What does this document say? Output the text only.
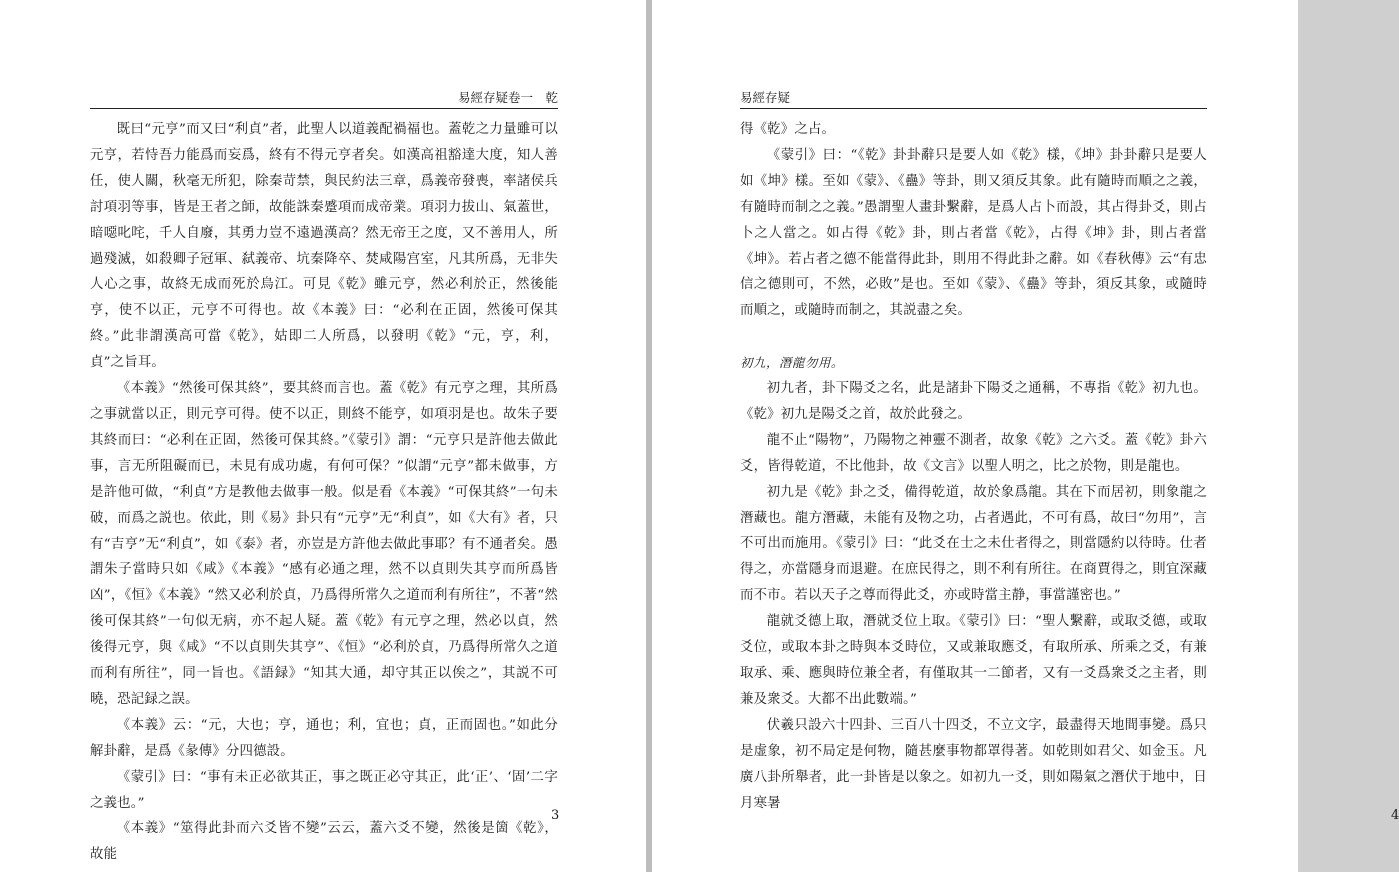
易經存疑卷一　乾

既曰“元亨”而又曰“利貞”者，此聖人以道義配禍福也。蓋乾之力量雖可以元亨，若恃吾力能爲而妄爲，終有不得元亨者矣。如漢高祖豁達大度，知人善任，使人關，秋毫无所犯，除秦苛禁，與民約法三章，爲義帝發喪，率諸侯兵討項羽等事，皆是王者之師，故能誅秦蹙項而成帝業。項羽力拔山、氣蓋世，暗噁叱咤，千人自廢，其勇力豈不遠過漢高？然无帝王之度，又不善用人，所過殘滅，如殺卿子冠軍、弑義帝、坑秦降卒、焚咸陽宫室，凡其所爲，无非失人心之事，故終无成而死於烏江。可見《乾》雖元亨，然必利於正，然後能亨，使不以正，元亨不可得也。故《本義》曰：“必利在正固，然後可保其終。”此非謂漢高可當《乾》，姑即二人所爲，以發明《乾》“元，亨，利，貞”之旨耳。

《本義》“然後可保其終”，要其終而言也。蓋《乾》有元亨之理，其所爲之事就當以正，則元亨可得。使不以正，則終不能亨，如項羽是也。故朱子要其終而曰：“必利在正固，然後可保其終。”《蒙引》謂：“元亨只是許他去做此事，言无所阻礙而已，未見有成功處，有何可保？”似謂“元亨”都未做事，方是許他可做，“利貞”方是教他去做事一般。似是看《本義》“可保其終”一句未破，而爲之説也。依此，則《易》卦只有“元亨”无“利貞”，如《大有》者，只有“吉亨”无“利貞”，如《泰》者，亦豈是方許他去做此事耶？有不通者矣。愚謂朱子當時只如《咸》《本義》“感有必通之理，然不以貞則失其亨而所爲皆凶”，《恒》《本義》“然又必利於貞，乃爲得所常久之道而利有所往”，不著“然後可保其終”一句似无病，亦不起人疑。蓋《乾》有元亨之理，然必以貞，然後得元亨，與《咸》“不以貞則失其亨”、《恒》“必利於貞，乃爲得所常久之道而利有所往”，同一旨也。《語録》“知其大通，却守其正以俟之”，其説不可曉，恐記録之誤。

《本義》云：“元，大也；亨，通也；利，宜也；貞，正而固也。”如此分解卦辭，是爲《彖傳》分四德設。

《蒙引》曰：“事有未正必欲其正，事之既正必守其正，此‘正’、‘固’二字之義也。”

《本義》“筮得此卦而六爻皆不變”云云，蓋六爻不變，然後是箇《乾》，故能

3
易經存疑

得《乾》之占。

《蒙引》曰：“《乾》卦卦辭只是要人如《乾》樣，《坤》卦卦辭只是要人如《坤》樣。至如《蒙》、《蠱》等卦，則又須反其象。此有隨時而順之之義，有隨時而制之之義。”愚謂聖人畫卦繫辭，是爲人占卜而設，其占得卦爻，則占卜之人當之。如占得《乾》卦，則占者當《乾》，占得《坤》卦，則占者當《坤》。若占者之德不能當得此卦，則用不得此卦之辭。如《春秋傳》云“有忠信之德則可，不然，必敗”是也。至如《蒙》、《蠱》等卦，須反其象，或隨時而順之，或隨時而制之，其説盡之矣。

初九，潛龍勿用。

初九者，卦下陽爻之名，此是諸卦下陽爻之通稱，不專指《乾》初九也。《乾》初九是陽爻之首，故於此發之。

龍不止“陽物”，乃陽物之神靈不測者，故象《乾》之六爻。蓋《乾》卦六爻，皆得乾道，不比他卦，故《文言》以聖人明之，比之於物，則是龍也。

初九是《乾》卦之爻，備得乾道，故於象爲龍。其在下而居初，則象龍之潛藏也。龍方潛藏，未能有及物之功，占者遇此，不可有爲，故曰“勿用”，言不可出而施用。《蒙引》曰：“此爻在士之未仕者得之，則當隱約以待時。仕者得之，亦當隱身而退避。在庶民得之，則不利有所往。在商賈得之，則宜深藏而不市。若以天子之尊而得此爻，亦或時當主静，事當謹密也。”

龍就爻德上取，潛就爻位上取。《蒙引》曰：“聖人繫辭，或取爻德，或取爻位，或取本卦之時與本爻時位，又或兼取應爻，有取所承、所乘之爻，有兼取承、乘、應與時位兼全者，有僅取其一二節者，又有一爻爲衆爻之主者，則兼及衆爻。大都不出此數端。”

伏羲只設六十四卦、三百八十四爻，不立文字，最盡得天地間事變。爲只是虚象，初不局定是何物，隨甚麼事物都罩得著。如乾則如君父、如金玉。凡廣八卦所舉者，此一卦皆是以象之。如初九一爻，則如陽氣之潛伏于地中，日月寒暑

4
